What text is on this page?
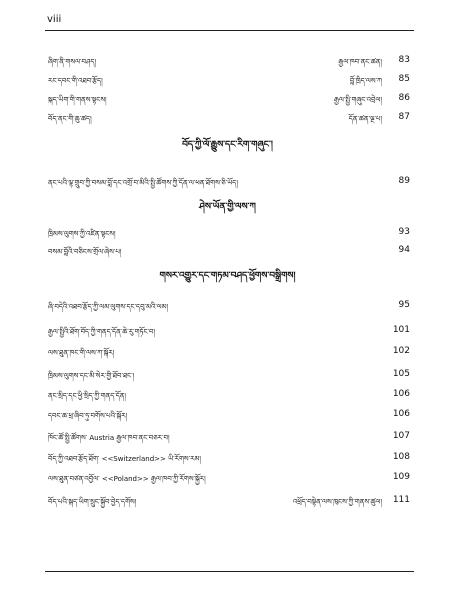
viii
ཞིག་ནི་གསལ་བཤད།	རྒྱལ་ཁབ་ནང་ཚན། 83
རང་དབང་གི་འཐབ་རྩོད།	བློ་ཁྲིད་ལས་ཀ 85
སྐད་ཡིག་གི་གནས་སྟངས།	རྒྱལ་སྤྱི་གཞུང་འབྲེལ། 86
བོད་ནང་གི་ཆུ་ཚད།	དོན་ཚན་ལྔ་པ། 87
བོད་ཀྱི་ལོ་རྒྱུས་དང་རིག་གཞུང་།
ནང་པའི་ལྟ་གྲུབ་ཀྱི་བསམ་བློ་དང་འགྲོ་བ་མིའི་སྤྱི་ཚོགས་ཀྱི་དོན་ལ་ཕན་ཐོགས་ཅི་ཡོད།	89
ཤེས་ཡོན་གྱི་ལས་ཀ
ཁྲིམས་ལུགས་ཀྱི་འཛིན་སྟངས།	93
བསམ་བློའི་བཅིངས་གྲོལ་ཞེས་པ།	94
གསར་འགྱུར་དང་གཏམ་བཤད་ཕྱོགས་བསྒྲིགས།
ཞི་བདེའི་འཐབ་རྩོད་ཀྱི་ལམ་ལུགས་དང་དབུ་མའི་ལམ།	95
རྒྱལ་སྤྱིའི་ཐོག་བོད་ཀྱི་གནད་དོན་ཆེ་རུ་གཏོང་བ།	101
ལས་ཐུན་ཁང་གི་ལས་ཀ་སྐོར།	102
ཁྲིམས་ལུགས་དང་མི་སེར་གྱི་ཐོབ་ཐང་།	105
ནང་སྲིད་དང་ཕྱི་སྲིད་ཀྱི་གནད་དོན།	106
དབང་ཆ་ཕྲ་ཞིབ་ཏུ་བགོས་པའི་སྐོར།	106
ཁོང་ཚོ་སྤྱི་ཚོགས་ Austria རྒྱལ་ཁབ་ནང་བཅར་བ།	107
བོད་ཀྱི་འཐབ་རྩོད་ཐོག་ <<Switzerland>> ཡི་རོགས་རམ།	108
ལས་ཐུན་བཙན་འབྱོལ་ <<Poland>> རྒྱལ་ཁབ་ཀྱི་རོགས་སྐྱོར།	109
བོད་པའི་སྐད་ཡིག་སྲུང་སྐྱོབ་བྱེད་དགོས།	འཕྲོད་བསྟེན་ལས་ཁུངས་ཀྱི་གནས་ཚུལ། 111
